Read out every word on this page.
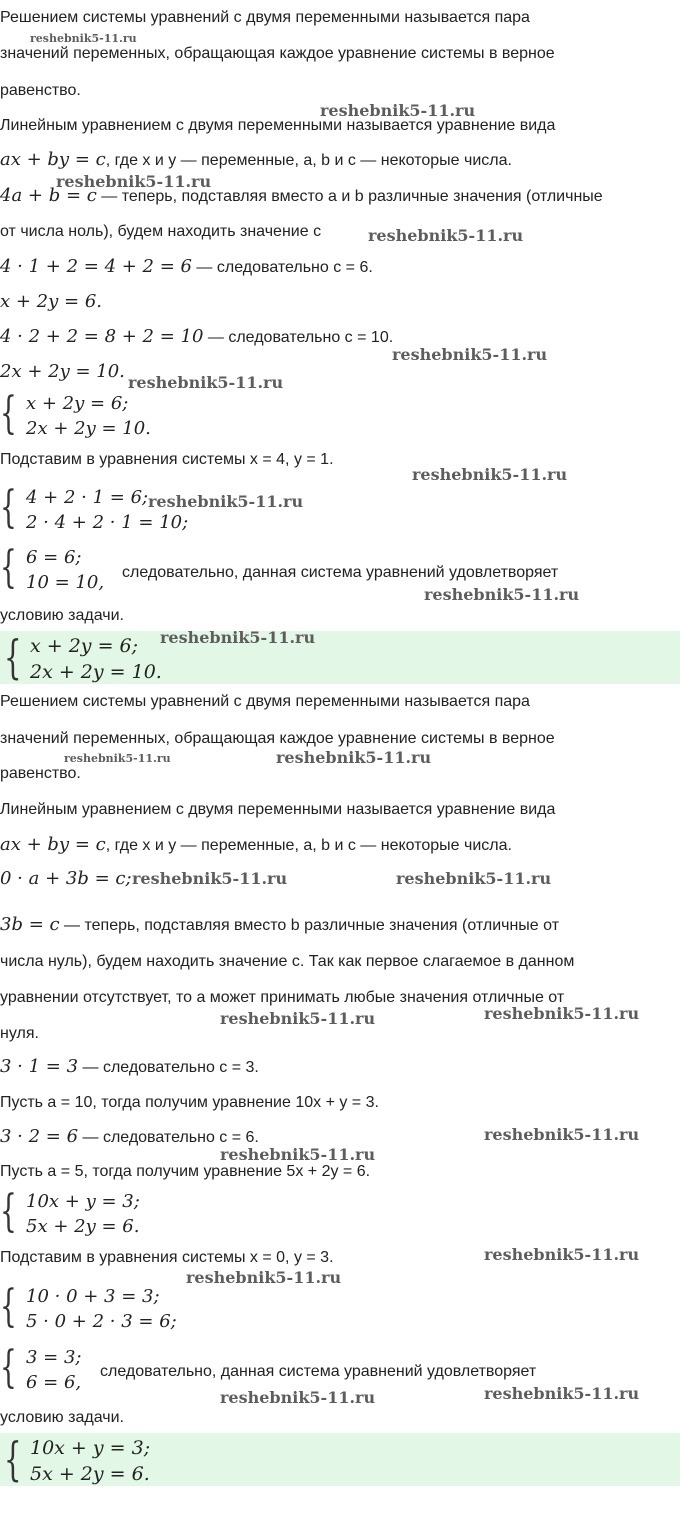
Решением системы уравнений с двумя переменными называется пара
значений переменных, обращающая каждое уравнение системы в верное
равенство.
Линейным уравнением с двумя переменными называется уравнение вида
ax + by = c, где x и y — переменные, a, b и c — некоторые числа.
4a + b = c — теперь, подставляя вместо a и b различные значения (отличные
от числа ноль), будем находить значение c
4 · 1 + 2 = 4 + 2 = 6 — следовательно c = 6.
x + 2y = 6.
4 · 2 + 2 = 8 + 2 = 10 — следовательно c = 10.
2x + 2y = 10.
{ x + 2y = 6;
2x + 2y = 10.
Подставим в уравнения системы x = 4, y = 1.
{ 4 + 2 · 1 = 6;
2 · 4 + 2 · 1 = 10;
{ 6 = 6;
10 = 10, следовательно, данная система уравнений удовлетворяет
условию задачи.
{ x + 2y = 6;
2x + 2y = 10.
Решением системы уравнений с двумя переменными называется пара
значений переменных, обращающая каждое уравнение системы в верное
равенство.
Линейным уравнением с двумя переменными называется уравнение вида
ax + by = c, где x и y — переменные, a, b и c — некоторые числа.
0 · a + 3b = c;
3b = c — теперь, подставляя вместо b различные значения (отличные от
числа нуль), будем находить значение c. Так как первое слагаемое в данном
уравнении отсутствует, то a может принимать любые значения отличные от
нуля.
3 · 1 = 3 — следовательно c = 3.
Пусть a = 10, тогда получим уравнение 10x + y = 3.
3 · 2 = 6 — следовательно c = 6.
Пусть a = 5, тогда получим уравнение 5x + 2y = 6.
{ 10x + y = 3;
5x + 2y = 6.
Подставим в уравнения системы x = 0, y = 3.
{ 10 · 0 + 3 = 3;
5 · 0 + 2 · 3 = 6;
{ 3 = 3;
6 = 6,
следовательно, данная система уравнений удовлетворяет
условию задачи.
{ 10x + y = 3;
5x + 2y = 6.
reshebnik5-11.ru
reshebnik5-11.ru
reshebnik5-11.ru
reshebnik5-11.ru
reshebnik5-11.ru
reshebnik5-11.ru
reshebnik5-11.ru
reshebnik5-11.ru
reshebnik5-11.ru
reshebnik5-11.ru
reshebnik5-11.ru	reshebnik5-11.ru
reshebnik5-11.ru	reshebnik5-11.ru
reshebnik5-11.ru	reshebnik5-11.ru
reshebnik5-11.ru
reshebnik5-11.ru
reshebnik5-11.ru
reshebnik5-11.ru
reshebnik5-11.ru	reshebnik5-11.ru
